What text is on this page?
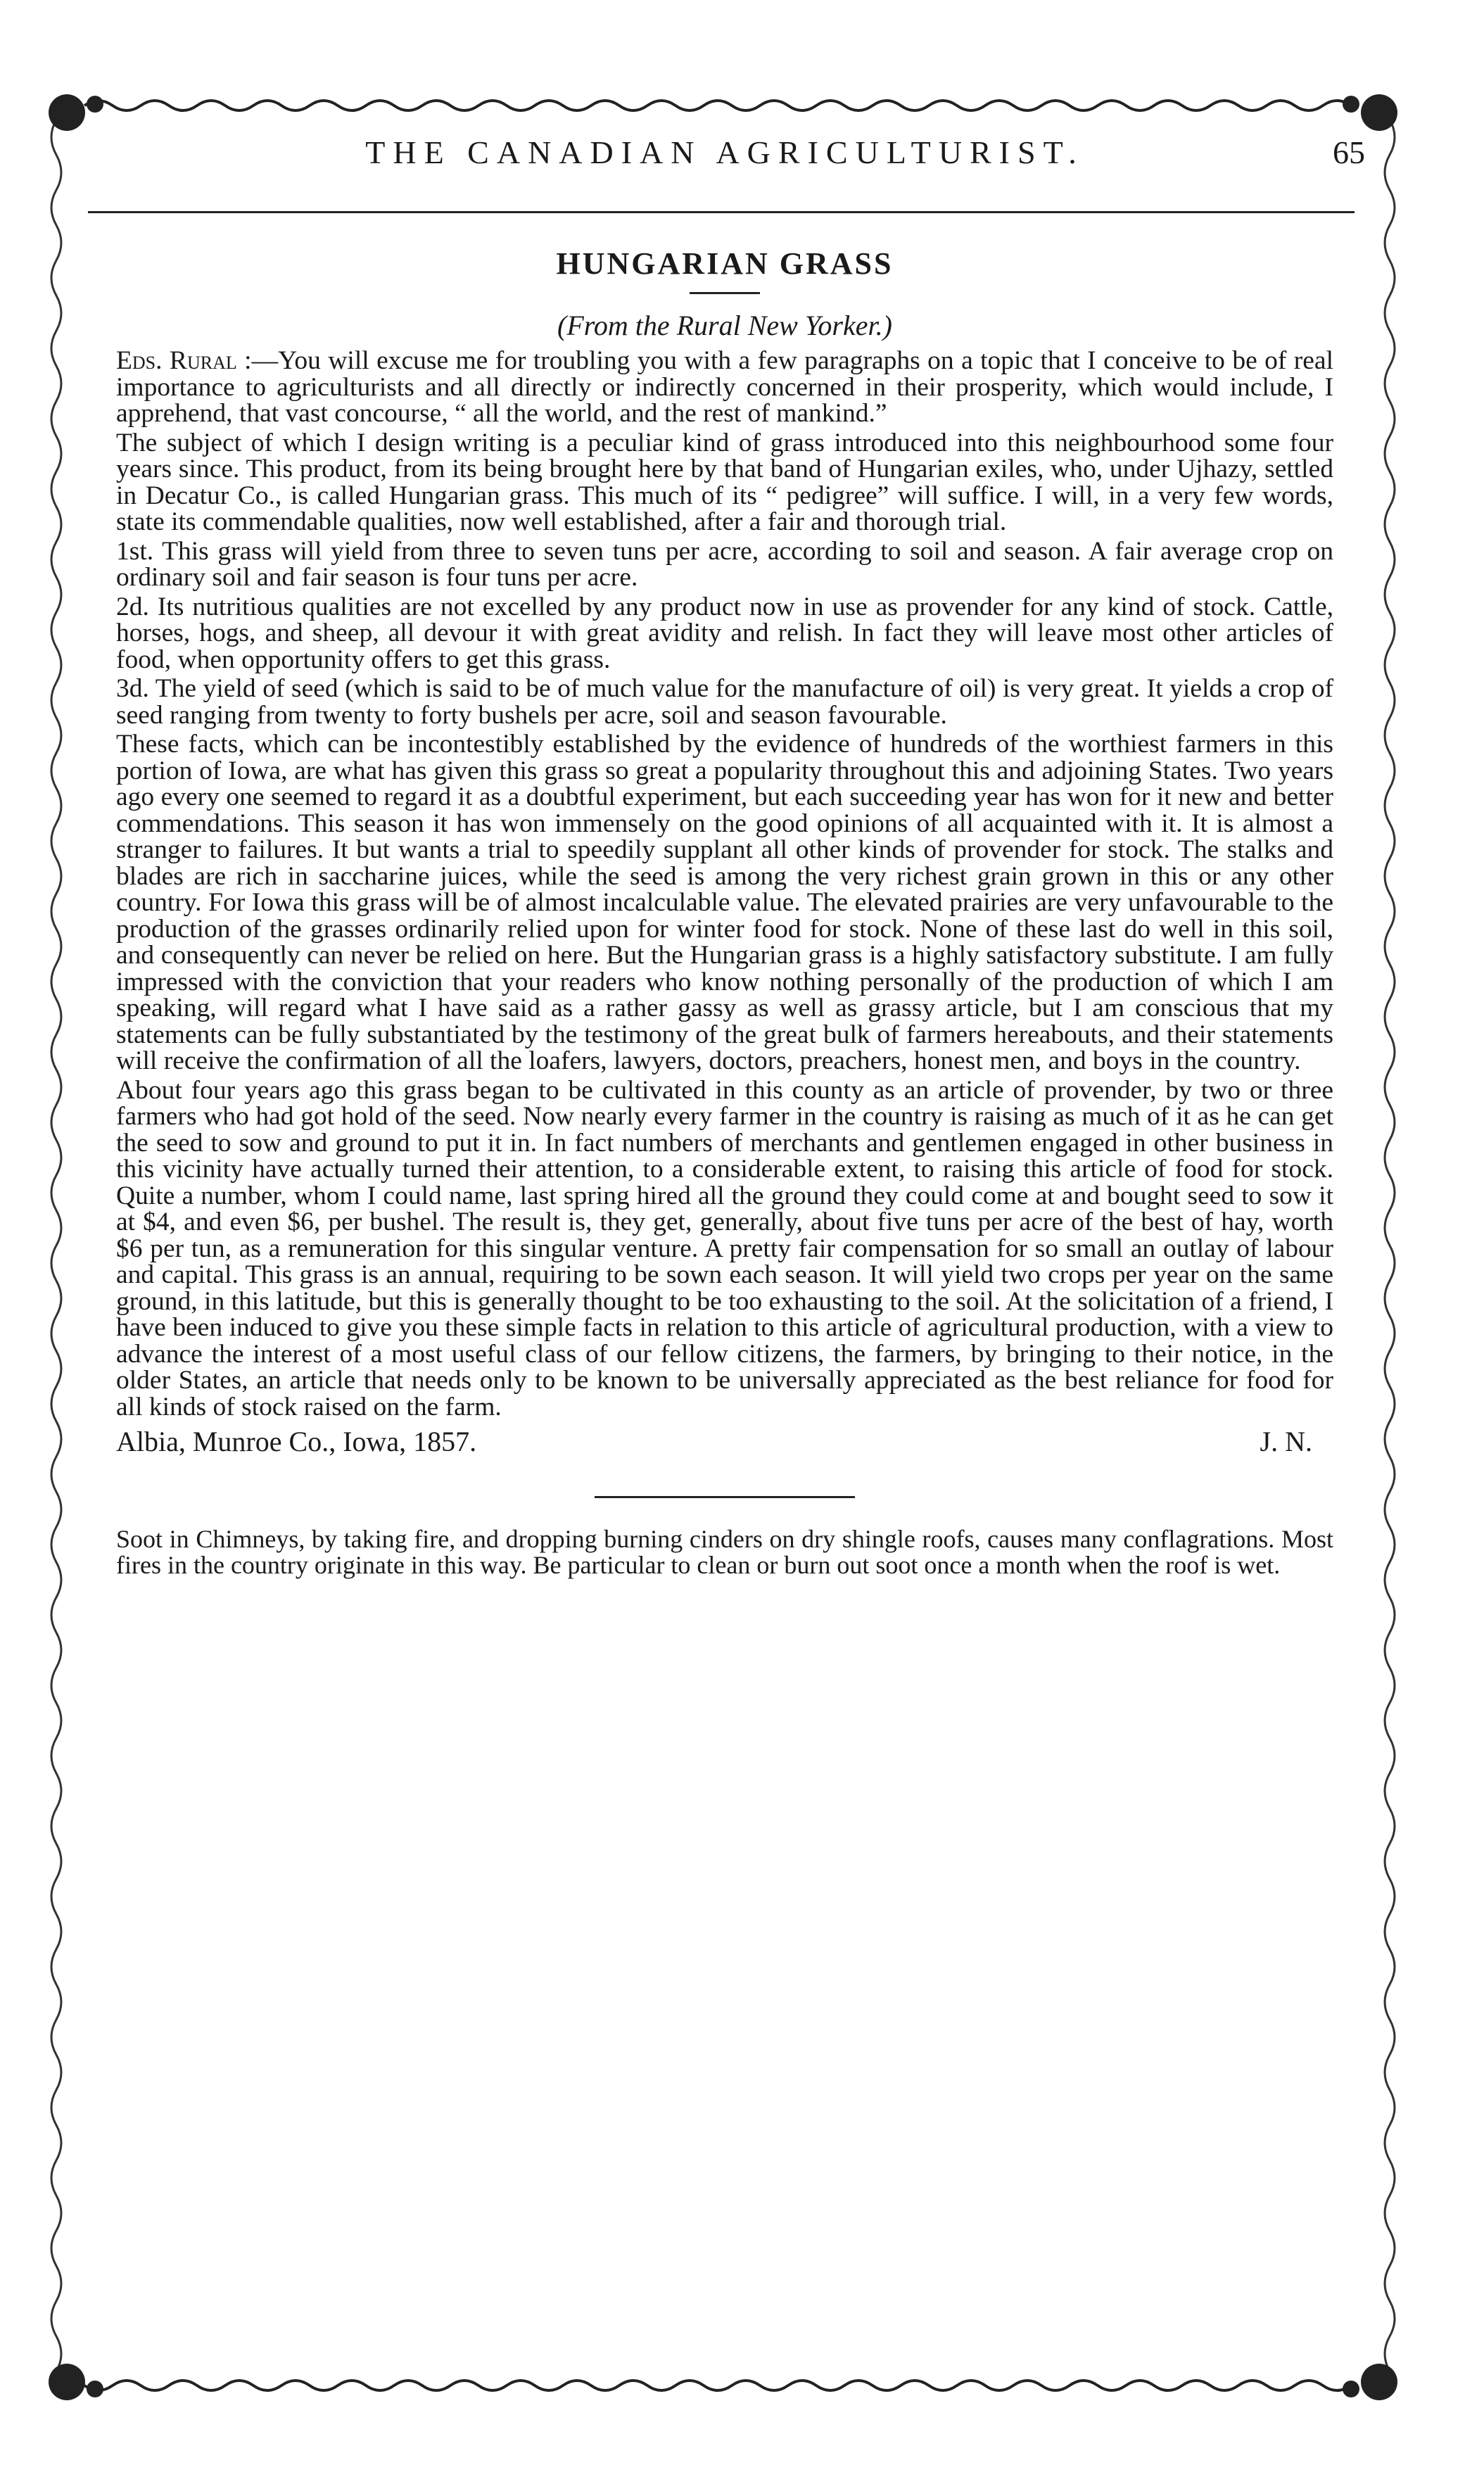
THE CANADIAN AGRICULTURIST.	65
HUNGARIAN GRASS
(From the Rural New Yorker.)

Eds. Rural :—You will excuse me for troubling you with a few paragraphs on a topic that I conceive to be of real importance to agriculturists and all directly or indirectly concerned in their prosperity, which would include, I apprehend, that vast concourse, “ all the world, and the rest of mankind.”

The subject of which I design writing is a peculiar kind of grass introduced into this neighbourhood some four years since. This product, from its being brought here by that band of Hungarian exiles, who, under Ujhazy, settled in Decatur Co., is called Hungarian grass. This much of its “ pedigree” will suffice. I will, in a very few words, state its commendable qualities, now well established, after a fair and thorough trial.

1st. This grass will yield from three to seven tuns per acre, according to soil and season. A fair average crop on ordinary soil and fair season is four tuns per acre.

2d. Its nutritious qualities are not excelled by any product now in use as provender for any kind of stock. Cattle, horses, hogs, and sheep, all devour it with great avidity and relish. In fact they will leave most other articles of food, when opportunity offers to get this grass.

3d. The yield of seed (which is said to be of much value for the manufacture of oil) is very great. It yields a crop of seed ranging from twenty to forty bushels per acre, soil and season favourable.

These facts, which can be incontestibly established by the evidence of hundreds of the worthiest farmers in this portion of Iowa, are what has given this grass so great a popularity throughout this and adjoining States. Two years ago every one seemed to regard it as a doubtful experiment, but each succeeding year has won for it new and better commendations. This season it has won immensely on the good opinions of all acquainted with it. It is almost a stranger to failures. It but wants a trial to speedily supplant all other kinds of provender for stock. The stalks and blades are rich in saccharine juices, while the seed is among the very richest grain grown in this or any other country. For Iowa this grass will be of almost incalculable value. The elevated prairies are very unfavourable to the production of the grasses ordinarily relied upon for winter food for stock. None of these last do well in this soil, and consequently can never be relied on here. But the Hungarian grass is a highly satisfactory substitute. I am fully impressed with the conviction that your readers who know nothing personally of the production of which I am speaking, will regard what I have said as a rather gassy as well as grassy article, but I am conscious that my statements can be fully substantiated by the testimony of the great bulk of farmers hereabouts, and their statements will receive the confirmation of all the loafers, lawyers, doctors, preachers, honest men, and boys in the country.

About four years ago this grass began to be cultivated in this county as an article of provender, by two or three farmers who had got hold of the seed. Now nearly every farmer in the country is raising as much of it as he can get the seed to sow and ground to put it in. In fact numbers of merchants and gentlemen engaged in other business in this vicinity have actually turned their attention, to a considerable extent, to raising this article of food for stock. Quite a number, whom I could name, last spring hired all the ground they could come at and bought seed to sow it at $4, and even $6, per bushel. The result is, they get, generally, about five tuns per acre of the best of hay, worth $6 per tun, as a remuneration for this singular venture. A pretty fair compensation for so small an outlay of labour and capital. This grass is an annual, requiring to be sown each season. It will yield two crops per year on the same ground, in this latitude, but this is generally thought to be too exhausting to the soil. At the solicitation of a friend, I have been induced to give you these simple facts in relation to this article of agricultural production, with a view to advance the interest of a most useful class of our fellow citizens, the farmers, by bringing to their notice, in the older States, an article that needs only to be known to be universally appreciated as the best reliance for food for all kinds of stock raised on the farm.

Albia, Munroe Co., Iowa, 1857.	J. N.

Soot in Chimneys, by taking fire, and dropping burning cinders on dry shingle roofs, causes many conflagrations. Most fires in the country originate in this way. Be particular to clean or burn out soot once a month when the roof is wet.
